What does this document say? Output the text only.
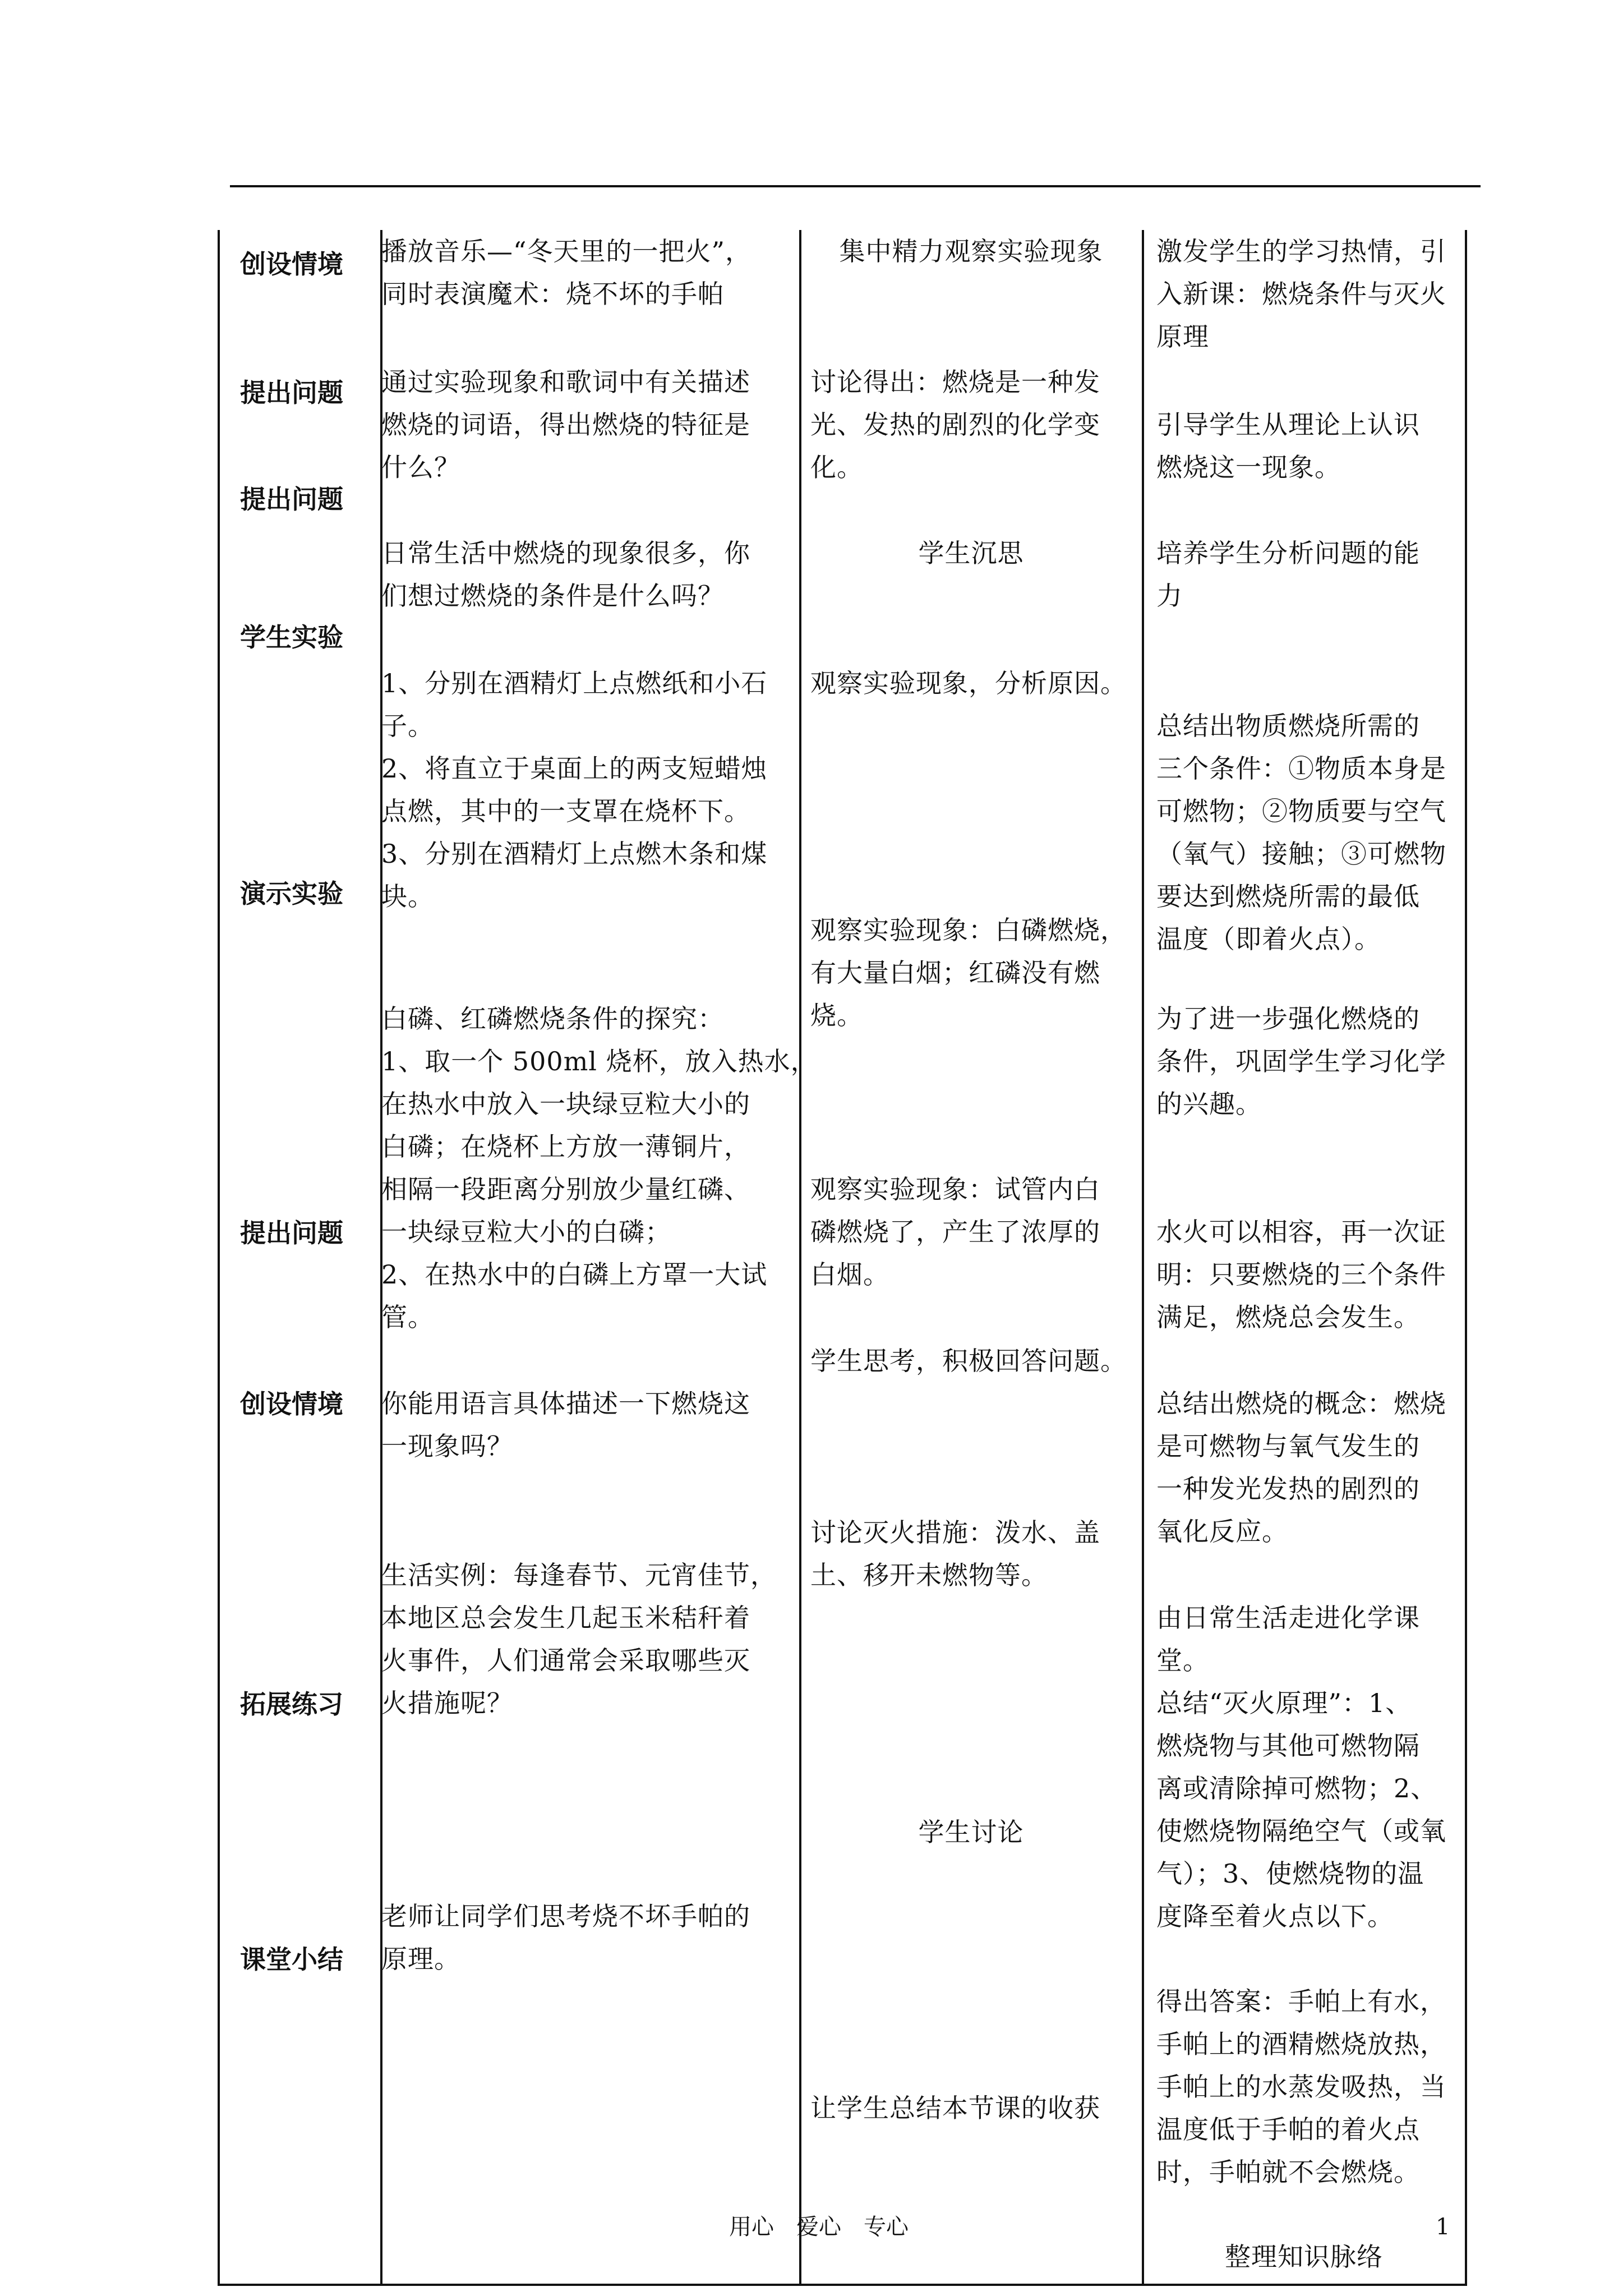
创设情境
提出问题
提出问题
学生实验
演示实验
提出问题
创设情境
拓展练习
课堂小结
播放音乐—“冬天里的一把火”，
同时表演魔术：烧不坏的手帕
通过实验现象和歌词中有关描述
燃烧的词语，得出燃烧的特征是
什么？
日常生活中燃烧的现象很多，你
们想过燃烧的条件是什么吗？
1、分别在酒精灯上点燃纸和小石
子。
2、将直立于桌面上的两支短蜡烛
点燃，其中的一支罩在烧杯下。
3、分别在酒精灯上点燃木条和煤
块。
白磷、红磷燃烧条件的探究：
1、取一个 500ml 烧杯，放入热水，
在热水中放入一块绿豆粒大小的
白磷；在烧杯上方放一薄铜片，
相隔一段距离分别放少量红磷、
一块绿豆粒大小的白磷；
2、在热水中的白磷上方罩一大试
管。
你能用语言具体描述一下燃烧这
一现象吗？
生活实例：每逢春节、元宵佳节，
本地区总会发生几起玉米秸秆着
火事件，人们通常会采取哪些灭
火措施呢？
老师让同学们思考烧不坏手帕的
原理。
集中精力观察实验现象
讨论得出：燃烧是一种发
光、发热的剧烈的化学变
化。
学生沉思
观察实验现象，分析原因。
观察实验现象：白磷燃烧，
有大量白烟；红磷没有燃
烧。
观察实验现象：试管内白
磷燃烧了，产生了浓厚的
白烟。
学生思考，积极回答问题。
讨论灭火措施：泼水、盖
土、移开未燃物等。
学生讨论
让学生总结本节课的收获
激发学生的学习热情，引
入新课：燃烧条件与灭火
原理
引导学生从理论上认识
燃烧这一现象。
培养学生分析问题的能
力
总结出物质燃烧所需的
三个条件：①物质本身是
可燃物；②物质要与空气
（氧气）接触；③可燃物
要达到燃烧所需的最低
温度（即着火点）。
为了进一步强化燃烧的
条件，巩固学生学习化学
的兴趣。
水火可以相容，再一次证
明：只要燃烧的三个条件
满足，燃烧总会发生。
总结出燃烧的概念：燃烧
是可燃物与氧气发生的
一种发光发热的剧烈的
氧化反应。
由日常生活走进化学课
堂。
总结“灭火原理”：1、
燃烧物与其他可燃物隔
离或清除掉可燃物；2、
使燃烧物隔绝空气（或氧
气）；3、使燃烧物的温
度降至着火点以下。
得出答案：手帕上有水，
手帕上的酒精燃烧放热，
手帕上的水蒸发吸热，当
温度低于手帕的着火点
时，手帕就不会燃烧。
整理知识脉络
用心　爱心　专心	1
